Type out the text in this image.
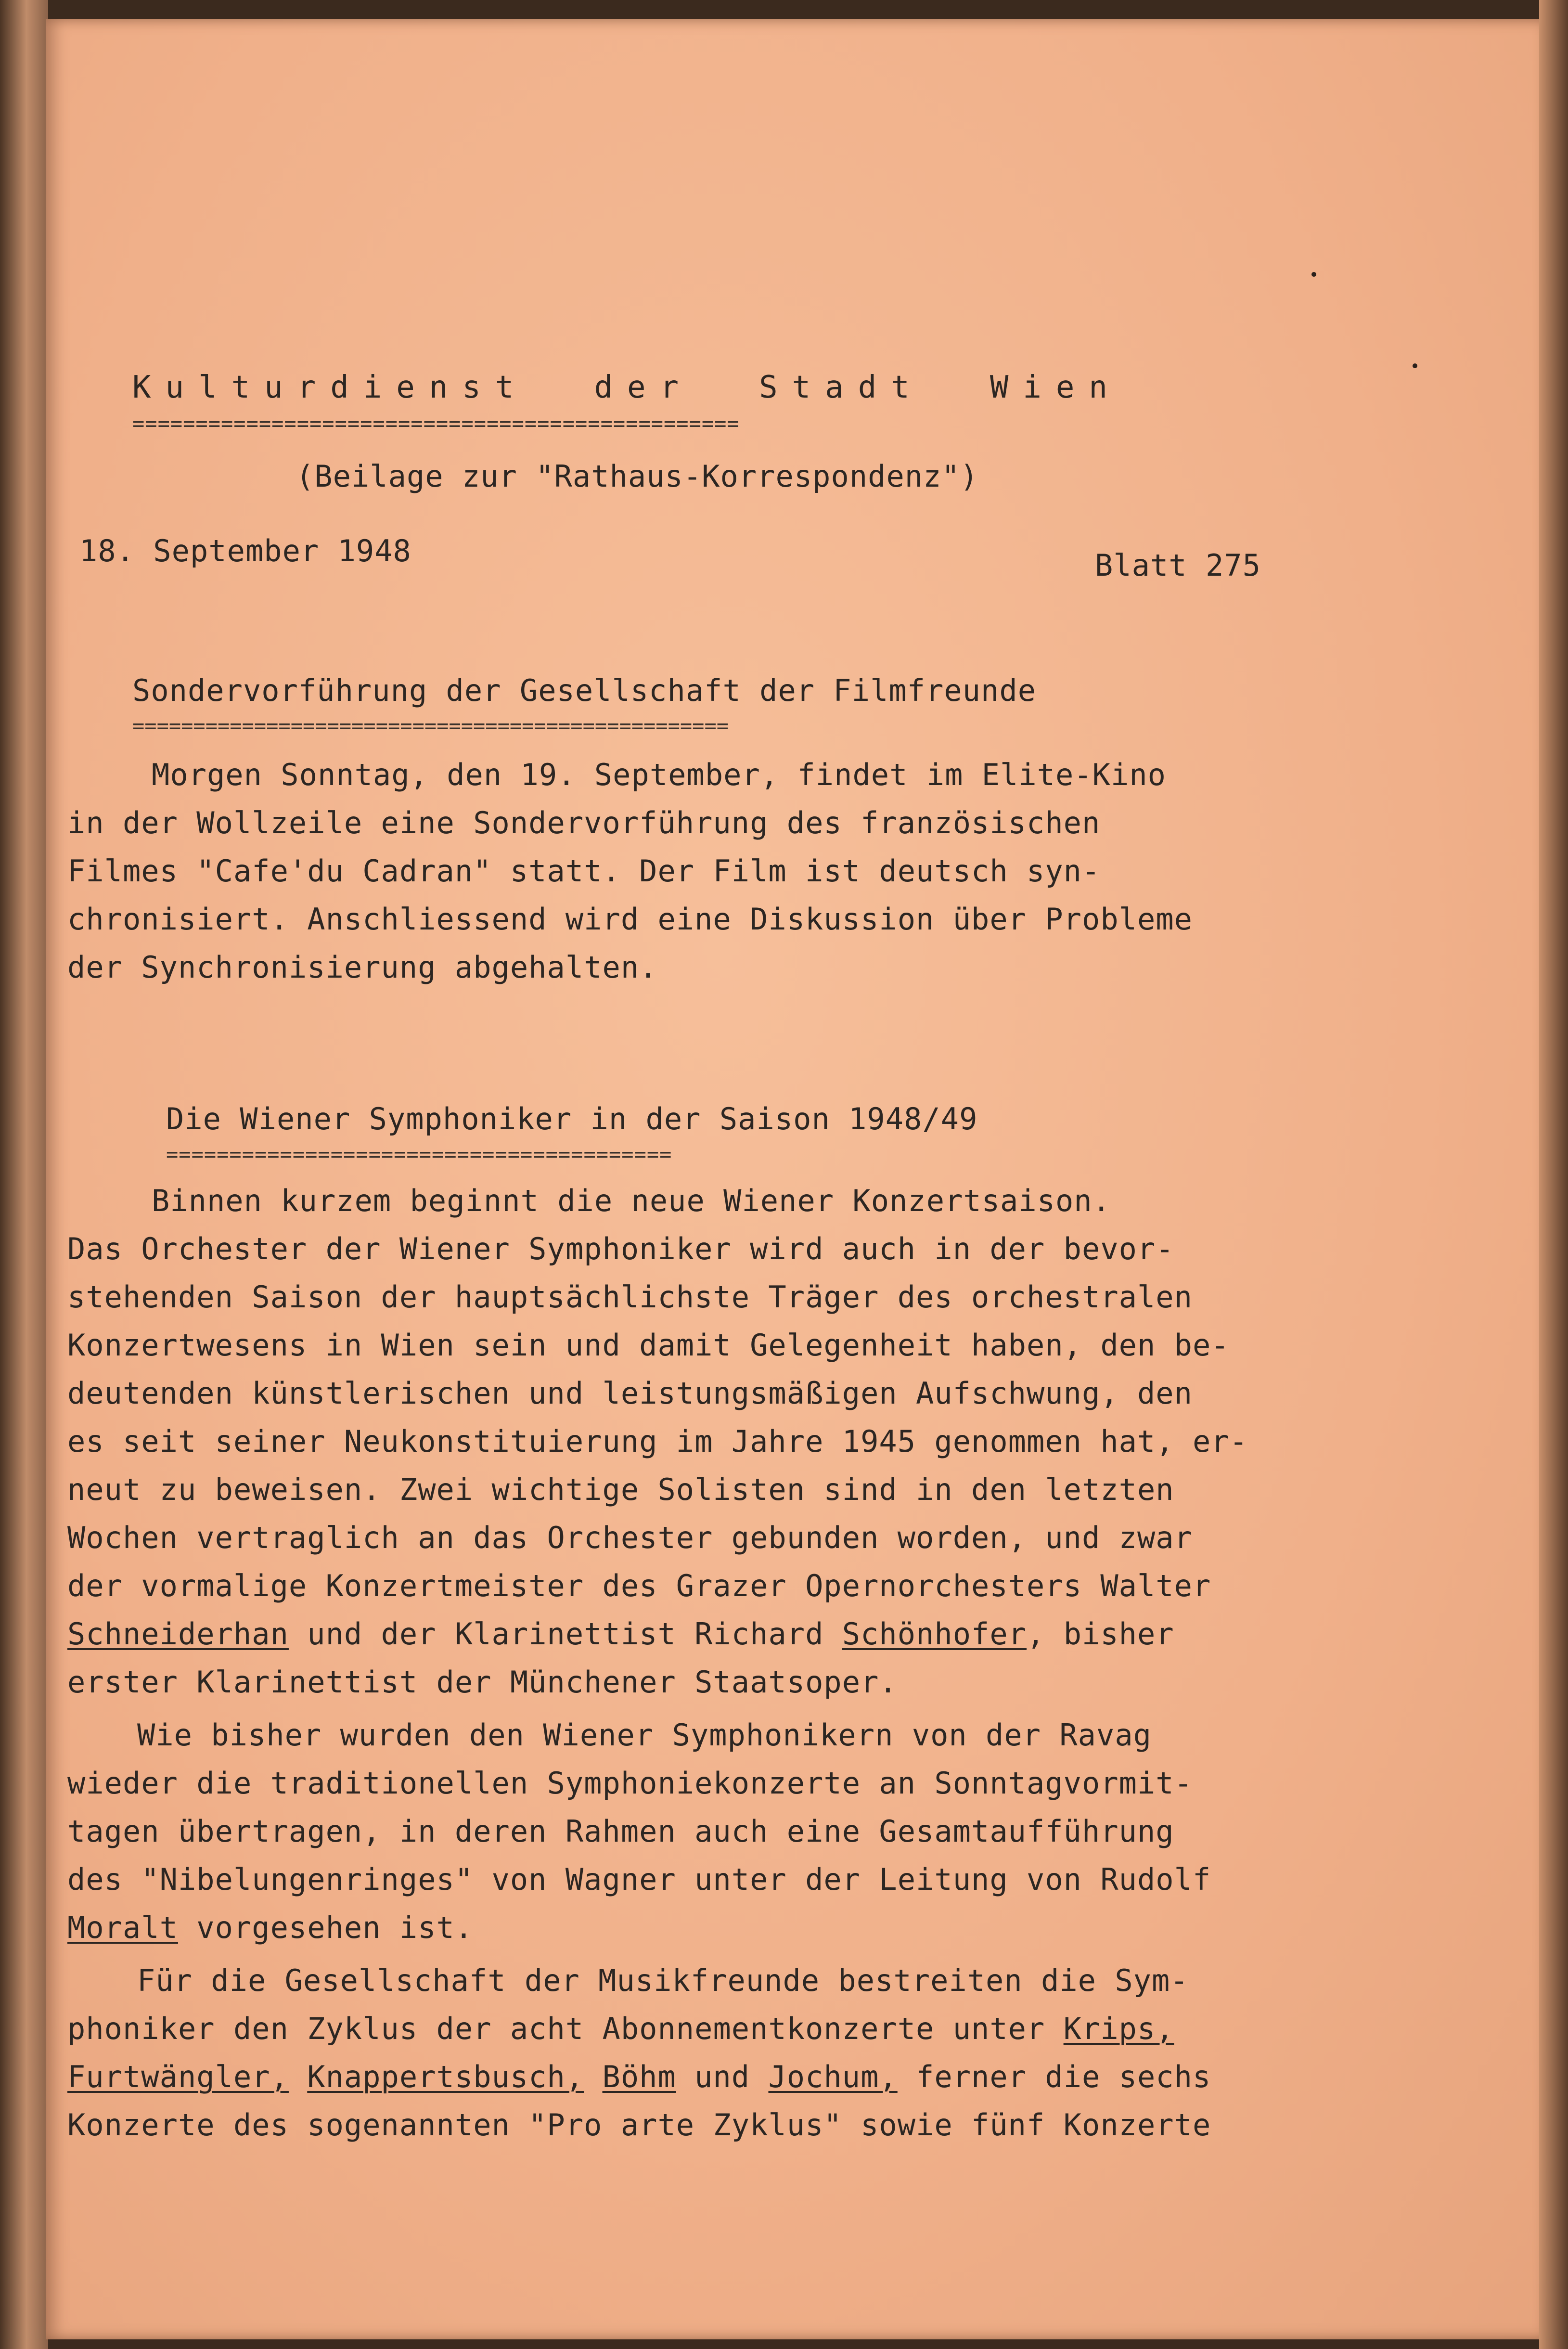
Kulturdienst  der  Stadt  Wien
================================================
(Beilage zur "Rathaus-Korrespondenz")
18. September 1948	Blatt 275
Sondervorführung der Gesellschaft der Filmfreunde
=================================================
Morgen Sonntag, den 19. September, findet im Elite-Kino
in der Wollzeile eine Sondervorführung des französischen
Filmes "Cafe'du Cadran" statt. Der Film ist deutsch syn-
chronisiert. Anschliessend wird eine Diskussion über Probleme
der Synchronisierung abgehalten.
Die Wiener Symphoniker in der Saison 1948/49
========================================
Binnen kurzem beginnt die neue Wiener Konzertsaison.
Das Orchester der Wiener Symphoniker wird auch in der bevor-
stehenden Saison der hauptsächlichste Träger des orchestralen
Konzertwesens in Wien sein und damit Gelegenheit haben, den be-
deutenden künstlerischen und leistungsmäßigen Aufschwung, den
es seit seiner Neukonstituierung im Jahre 1945 genommen hat, er-
neut zu beweisen. Zwei wichtige Solisten sind in den letzten
Wochen vertraglich an das Orchester gebunden worden, und zwar
der vormalige Konzertmeister des Grazer Opernorchesters Walter
Schneiderhan und der Klarinettist Richard Schönhofer, bisher
erster Klarinettist der Münchener Staatsoper.
Wie bisher wurden den Wiener Symphonikern von der Ravag
wieder die traditionellen Symphoniekonzerte an Sonntagvormit-
tagen übertragen, in deren Rahmen auch eine Gesamtaufführung
des "Nibelungenringes" von Wagner unter der Leitung von Rudolf
Moralt vorgesehen ist.
Für die Gesellschaft der Musikfreunde bestreiten die Sym-
phoniker den Zyklus der acht Abonnementkonzerte unter Krips,
Furtwängler, Knappertsbusch, Böhm und Jochum, ferner die sechs
Konzerte des sogenannten "Pro arte Zyklus" sowie fünf Konzerte
